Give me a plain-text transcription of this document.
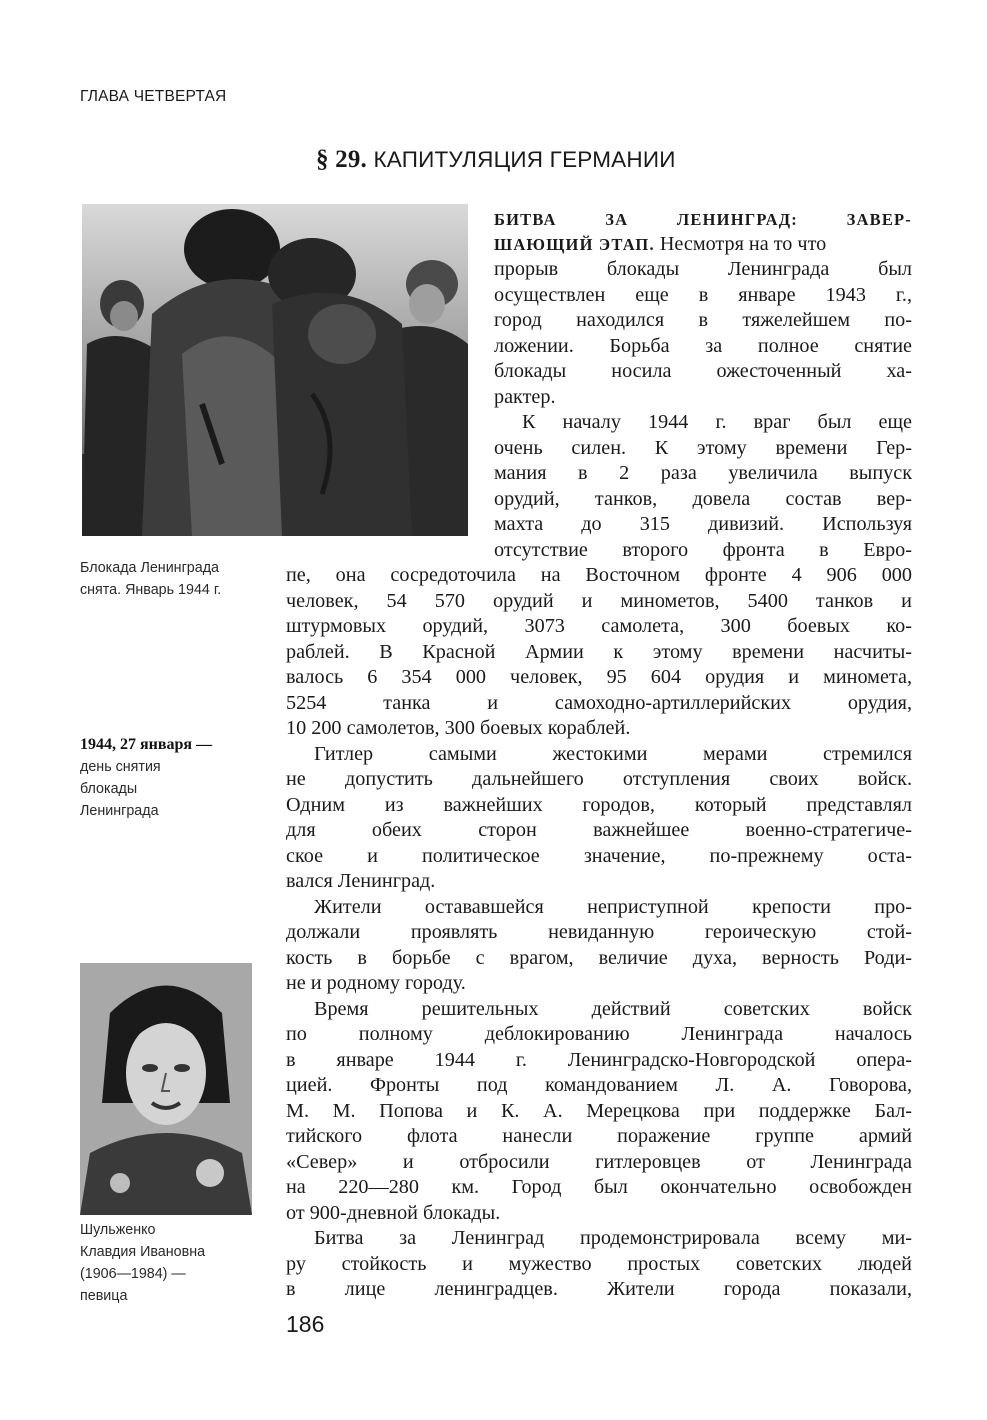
ГЛАВА ЧЕТВЕРТАЯ
§ 29. КАПИТУЛЯЦИЯ ГЕРМАНИИ
Блокада Ленинграда
снята. Январь 1944 г.
1944, 27 января —
день снятия
блокады
Ленинграда
Шульженко
Клавдия Ивановна
(1906—1984) —
певица
БИТВА ЗА ЛЕНИНГРАД: ЗАВЕР-
ШАЮЩИЙ ЭТАП. Несмотря на то что
прорыв блокады Ленинграда был
осуществлен еще в январе 1943 г.,
город находился в тяжелейшем по-
ложении. Борьба за полное снятие
блокады носила ожесточенный ха-
рактер.
К началу 1944 г. враг был еще
очень силен. К этому времени Гер-
мания в 2 раза увеличила выпуск
орудий, танков, довела состав вер-
махта до 315 дивизий. Используя
отсутствие второго фронта в Евро-
пе, она сосредоточила на Восточном фронте 4 906 000
человек, 54 570 орудий и минометов, 5400 танков и
штурмовых орудий, 3073 самолета, 300 боевых ко-
раблей. В Красной Армии к этому времени насчиты-
валось 6 354 000 человек, 95 604 орудия и миномета,
5254 танка и самоходно-артиллерийских орудия,
10 200 самолетов, 300 боевых кораблей.
Гитлер самыми жестокими мерами стремился
не допустить дальнейшего отступления своих войск.
Одним из важнейших городов, который представлял
для обеих сторон важнейшее военно-стратегиче-
ское и политическое значение, по-прежнему оста-
вался Ленинград.
Жители остававшейся неприступной крепости про-
должали проявлять невиданную героическую стой-
кость в борьбе с врагом, величие духа, верность Роди-
не и родному городу.
Время решительных действий советских войск
по полному деблокированию Ленинграда началось
в январе 1944 г. Ленинградско-Новгородской опера-
цией. Фронты под командованием Л. А. Говорова,
М. М. Попова и К. А. Мерецкова при поддержке Бал-
тийского флота нанесли поражение группе армий
«Север» и отбросили гитлеровцев от Ленинграда
на 220—280 км. Город был окончательно освобожден
от 900-дневной блокады.
Битва за Ленинград продемонстрировала всему ми-
ру стойкость и мужество простых советских людей
в лице ленинградцев. Жители города показали,
186
